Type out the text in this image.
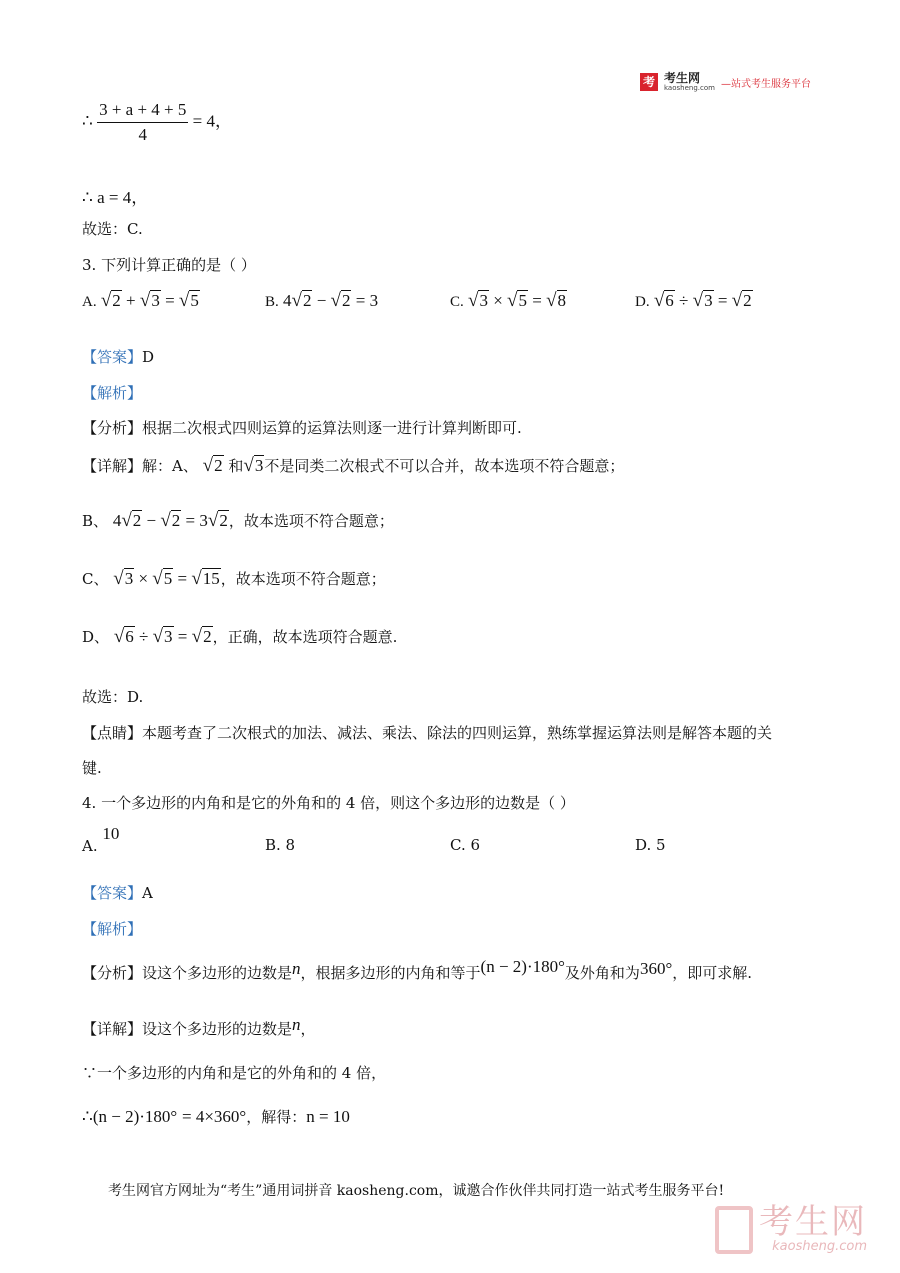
考 考生网
kaosheng.com —站式考生服务平台
∴ $\frac{3 + a + 4 + 5}{4} = 4$，
∴ a = 4，
故选：C.
3. 下列计算正确的是（ ）
A. √2 + √3 = √5	B. 4√2 − √2 = 3	C. √3 × √5 = √8	D. √6 ÷ √3 = √2
【答案】D
【解析】
【分析】根据二次根式四则运算的运算法则逐一进行计算判断即可.
【详解】解：A、 √2 和√3不是同类二次根式不可以合并，故本选项不符合题意；
B、 4√2 − √2 = 3√2，故本选项不符合题意；
C、 √3 × √5 = √15，故本选项不符合题意；
D、 √6 ÷ √3 = √2，正确，故本选项符合题意.
故选：D.
【点睛】本题考查了二次根式的加法、减法、乘法、除法的四则运算，熟练掌握运算法则是解答本题的关
键.
4. 一个多边形的内角和是它的外角和的 4 倍，则这个多边形的边数是（ ）
A. 10
B. 8	C. 6	D. 5
【答案】A
【解析】
【分析】设这个多边形的边数是n，根据多边形的内角和等于(n − 2)·180°及外角和为360°，即可求解.
【详解】设这个多边形的边数是n，
∵一个多边形的内角和是它的外角和的 4 倍，
∴(n − 2)·180° = 4×360°，解得：n = 10
考生网官方网址为“考生”通用词拼音 kaosheng.com，诚邀合作伙伴共同打造一站式考生服务平台!
考生网
kaosheng.com
